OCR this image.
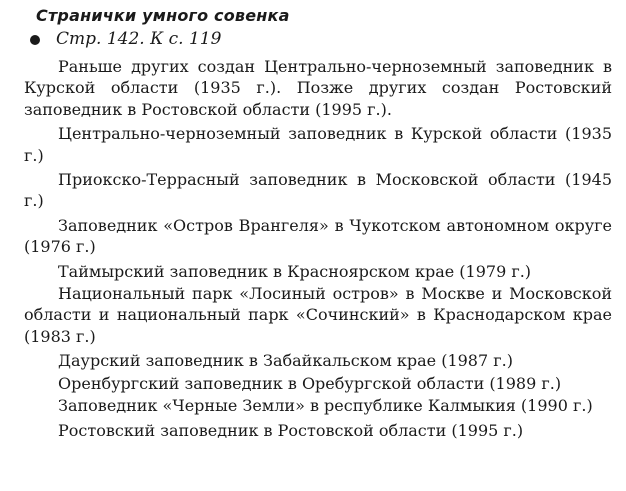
Странички умного совенка
Стр. 142. К с. 119

Раньше других создан Центрально-черноземный заповедник в Курской области (1935 г.). Позже других создан Ростовский заповедник в Ростовской области (1995 г.).

Центрально-черноземный заповедник в Курской области (1935 г.)

Приокско-Террасный заповедник в Московской области (1945 г.)

Заповедник «Остров Врангеля» в Чукотском автономном округе (1976 г.)

Таймырский заповедник в Красноярском крае (1979 г.)

Национальный парк «Лосиный остров» в Москве и Московской области и национальный парк «Сочинский» в Краснодарском крае (1983 г.)

Даурский заповедник в Забайкальском крае (1987 г.)

Оренбургский заповедник в Оребургской области (1989 г.)

Заповедник «Черные Земли» в республике Калмыкия (1990 г.)

Ростовский заповедник в Ростовской области (1995 г.)
